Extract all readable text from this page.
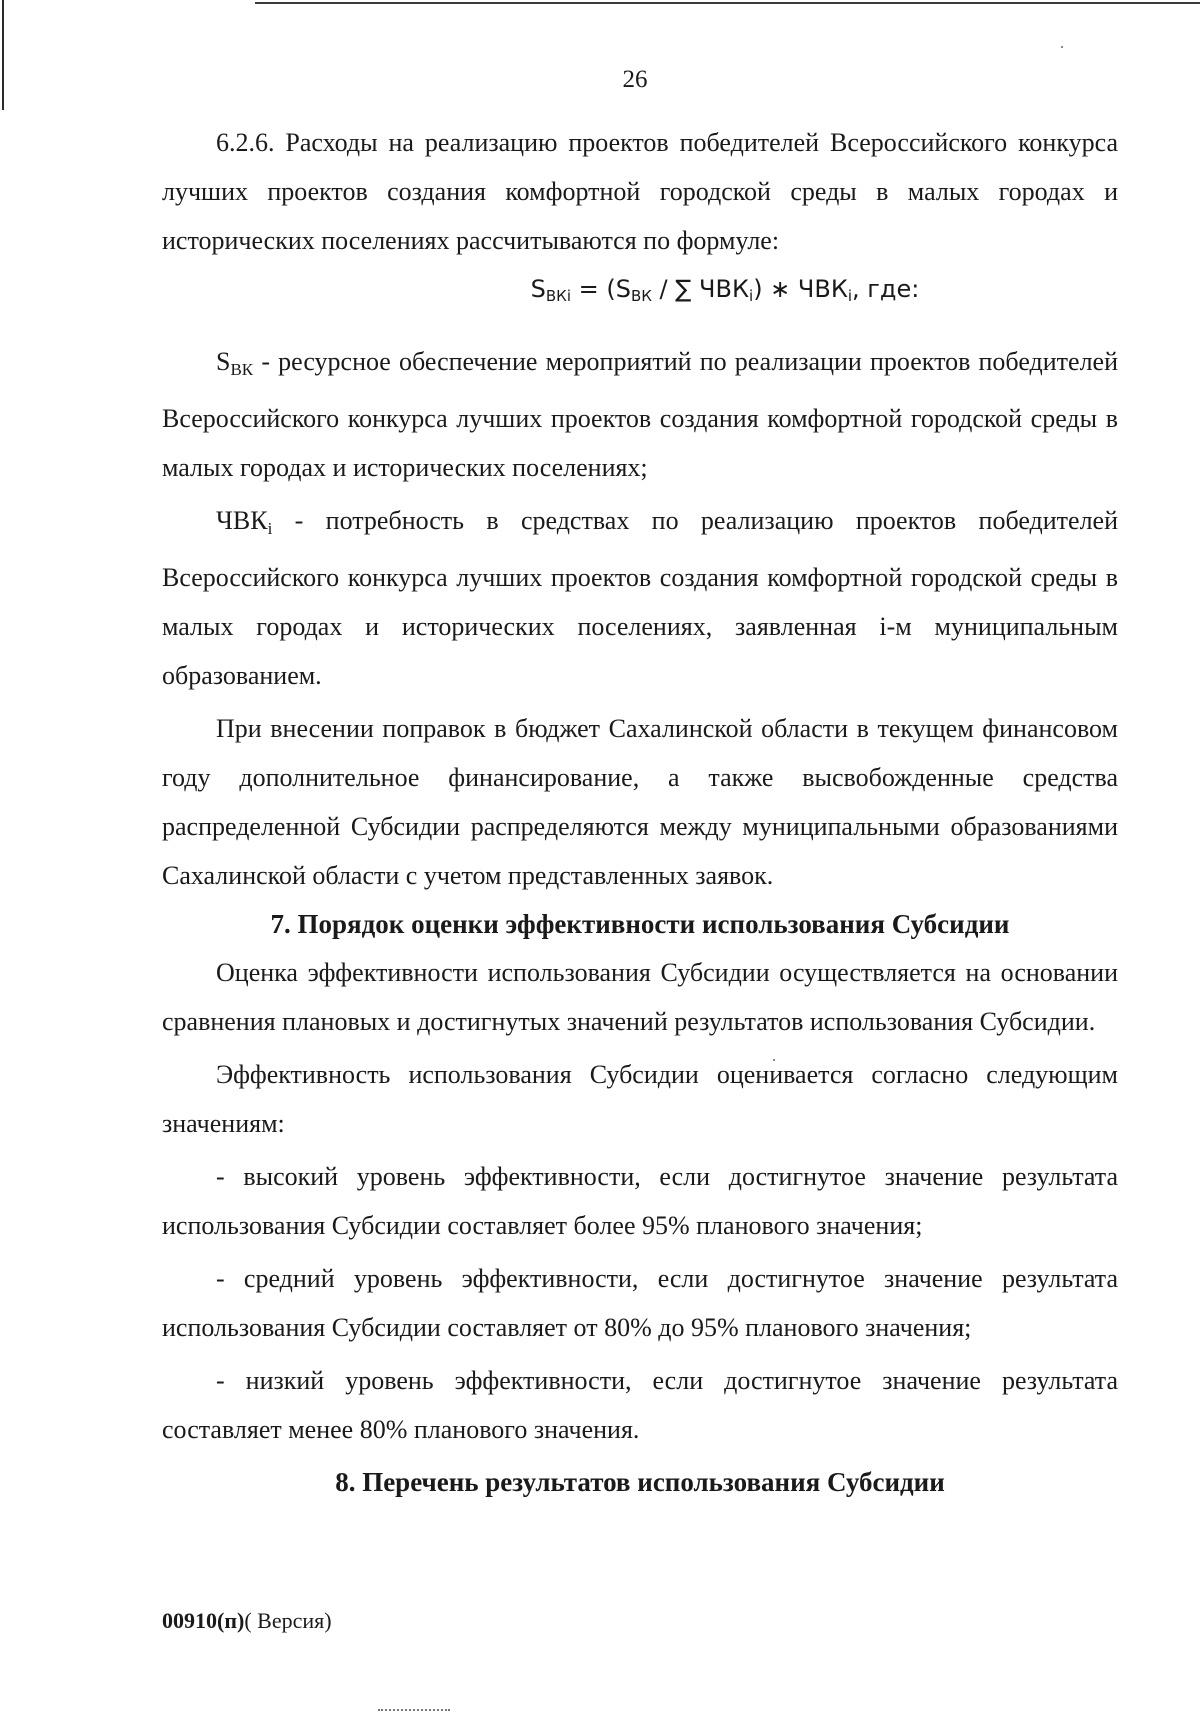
26

6.2.6. Расходы на реализацию проектов победителей Всероссийского конкурса лучших проектов создания комфортной городской среды в малых городах и исторических поселениях рассчитываются по формуле:

$S_{ВКi} = (S_{ВК}$ / ∑ $ЧВК_i$) ∗ $ЧВК_i$, где:

$S_{ВК}$ - ресурсное обеспечение мероприятий по реализации проектов победителей Всероссийского конкурса лучших проектов создания комфортной городской среды в малых городах и исторических поселениях;

$ЧВК_i$ - потребность в средствах по реализацию проектов победителей Всероссийского конкурса лучших проектов создания комфортной городской среды в малых городах и исторических поселениях, заявленная i-м муниципальным образованием.

При внесении поправок в бюджет Сахалинской области в текущем финансовом году дополнительное финансирование, а также высвобожденные средства распределенной Субсидии распределяются между муниципальными образованиями Сахалинской области с учетом представленных заявок.

7. Порядок оценки эффективности использования Субсидии

Оценка эффективности использования Субсидии осуществляется на основании сравнения плановых и достигнутых значений результатов использования Субсидии.

Эффективность использования Субсидии оценивается согласно следующим значениям:

- высокий уровень эффективности, если достигнутое значение результата использования Субсидии составляет более 95% планового значения;

- средний уровень эффективности, если достигнутое значение результата использования Субсидии составляет от 80% до 95% планового значения;

- низкий уровень эффективности, если достигнутое значение результата составляет менее 80% планового значения.

8. Перечень результатов использования Субсидии
00910(п)( Версия)
